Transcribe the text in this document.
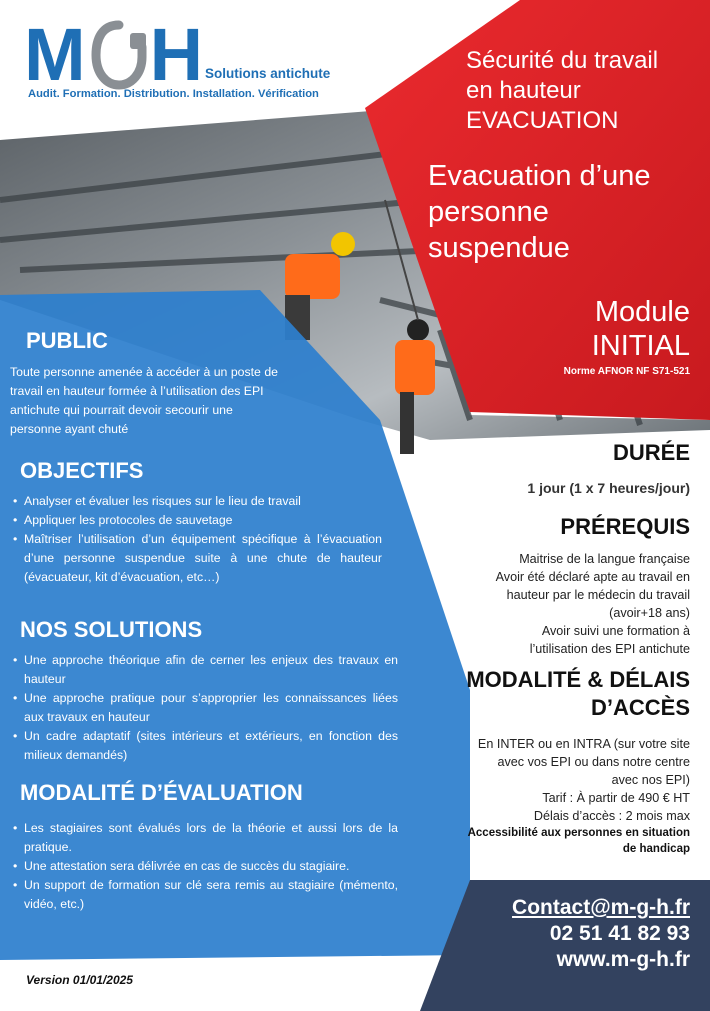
M H Solutions antichute
Audit. Formation. Distribution. Installation. Vérification
Sécurité du travail
en hauteur
EVACUATION
Evacuation d’une
personne
suspendue
Module
INITIAL
Norme AFNOR NF S71-521
PUBLIC
Toute personne amenée à accéder à un poste de travail en hauteur formée à l’utilisation des EPI antichute qui pourrait devoir secourir une personne ayant chuté
OBJECTIFS
• Analyser et évaluer les risques sur le lieu de travail
• Appliquer les protocoles de sauvetage
• Maîtriser l’utilisation d’un équipement spécifique à l’évacuation d’une personne suspendue suite à une chute de hauteur (évacuateur, kit d’évacuation, etc…)
NOS SOLUTIONS
• Une approche théorique afin de cerner les enjeux des travaux en hauteur
• Une approche pratique pour s’approprier les connaissances liées aux travaux en hauteur
• Un cadre adaptatif (sites intérieurs et extérieurs, en fonction des milieux demandés)
MODALITÉ D’ÉVALUATION
• Les stagiaires sont évalués lors de la théorie et aussi lors de la pratique.
• Une attestation sera délivrée en cas de succès du stagiaire.
• Un support de formation sur clé sera remis au stagiaire (mémento, vidéo, etc.)
DURÉE
1 jour (1 x 7 heures/jour)
PRÉREQUIS
Maitrise de la langue française
Avoir été déclaré apte au travail en
hauteur par le médecin du travail
(avoir+18 ans)
Avoir suivi une formation à
l’utilisation des EPI antichute
MODALITÉ & DÉLAIS
D’ACCÈS
En INTER ou en INTRA (sur votre site
avec vos EPI ou dans notre centre
avec nos EPI)
Tarif : À partir de 490 € HT
Délais d’accès : 2 mois max
Accessibilité aux personnes en situation
de handicap
Contact@m-g-h.fr
02 51 41 82 93
www.m-g-h.fr
Version 01/01/2025
